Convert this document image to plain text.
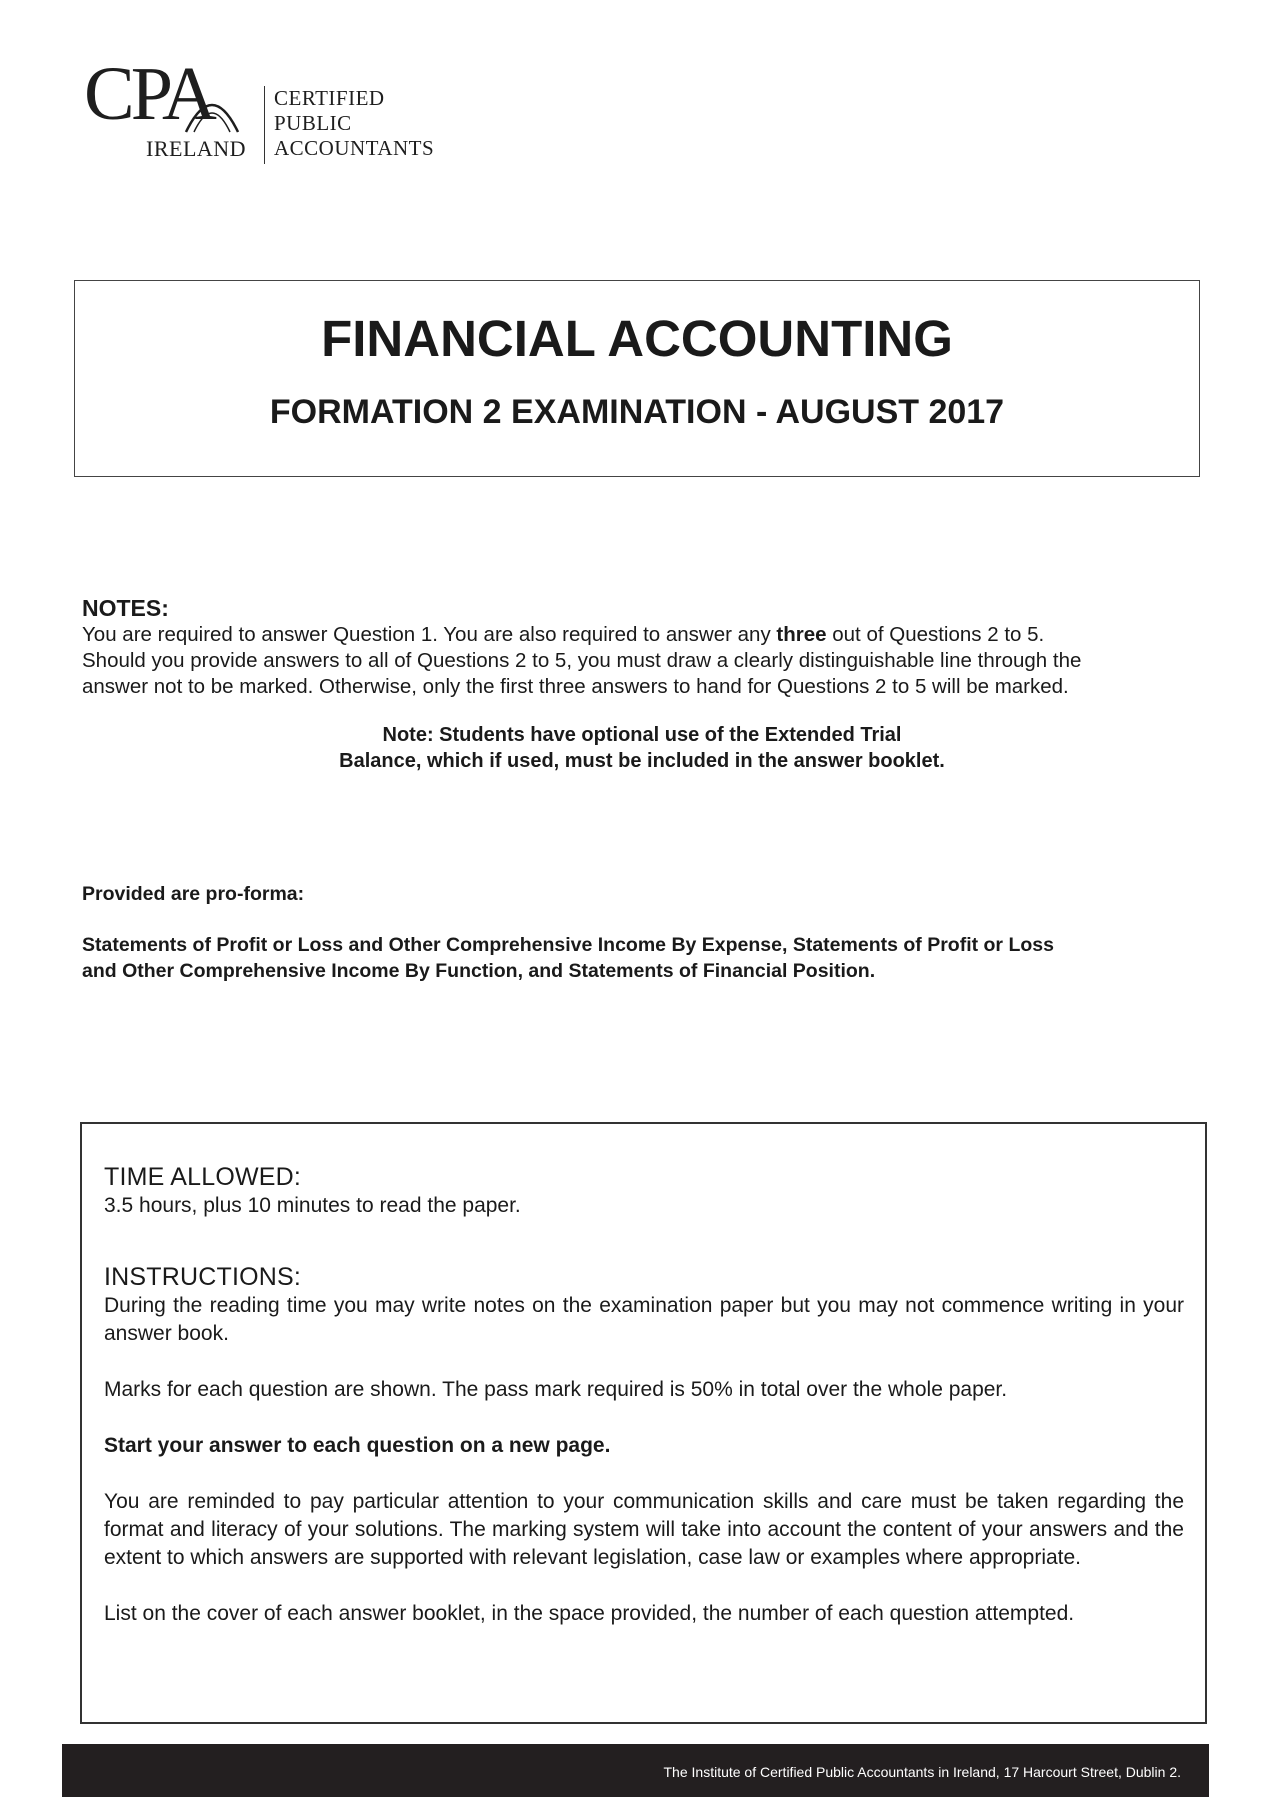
CPA
IRELAND
CERTIFIED
PUBLIC
ACCOUNTANTS
FINANCIAL ACCOUNTING
FORMATION 2 EXAMINATION - AUGUST 2017

NOTES:

You are required to answer Question 1. You are also required to answer any three out of Questions 2 to 5.

Should you provide answers to all of Questions 2 to 5, you must draw a clearly distinguishable line through the

answer not to be marked. Otherwise, only the first three answers to hand for Questions 2 to 5 will be marked.

Note: Students have optional use of the Extended Trial
Balance, which if used, must be included in the answer booklet.
Provided are pro-forma:
Statements of Profit or Loss and Other Comprehensive Income By Expense, Statements of Profit or Loss
and Other Comprehensive Income By Function, and Statements of Financial Position.

TIME ALLOWED:

3.5 hours, plus 10 minutes to read the paper.

INSTRUCTIONS:

During the reading time you may write notes on the examination paper but you may not commence writing in your answer book.

Marks for each question are shown. The pass mark required is 50% in total over the whole paper.

Start your answer to each question on a new page.

You are reminded to pay particular attention to your communication skills and care must be taken regarding the format and literacy of your solutions. The marking system will take into account the content of your answers and the extent to which answers are supported with relevant legislation, case law or examples where appropriate.

List on the cover of each answer booklet, in the space provided, the number of each question attempted.

The Institute of Certified Public Accountants in Ireland, 17 Harcourt Street, Dublin 2.
